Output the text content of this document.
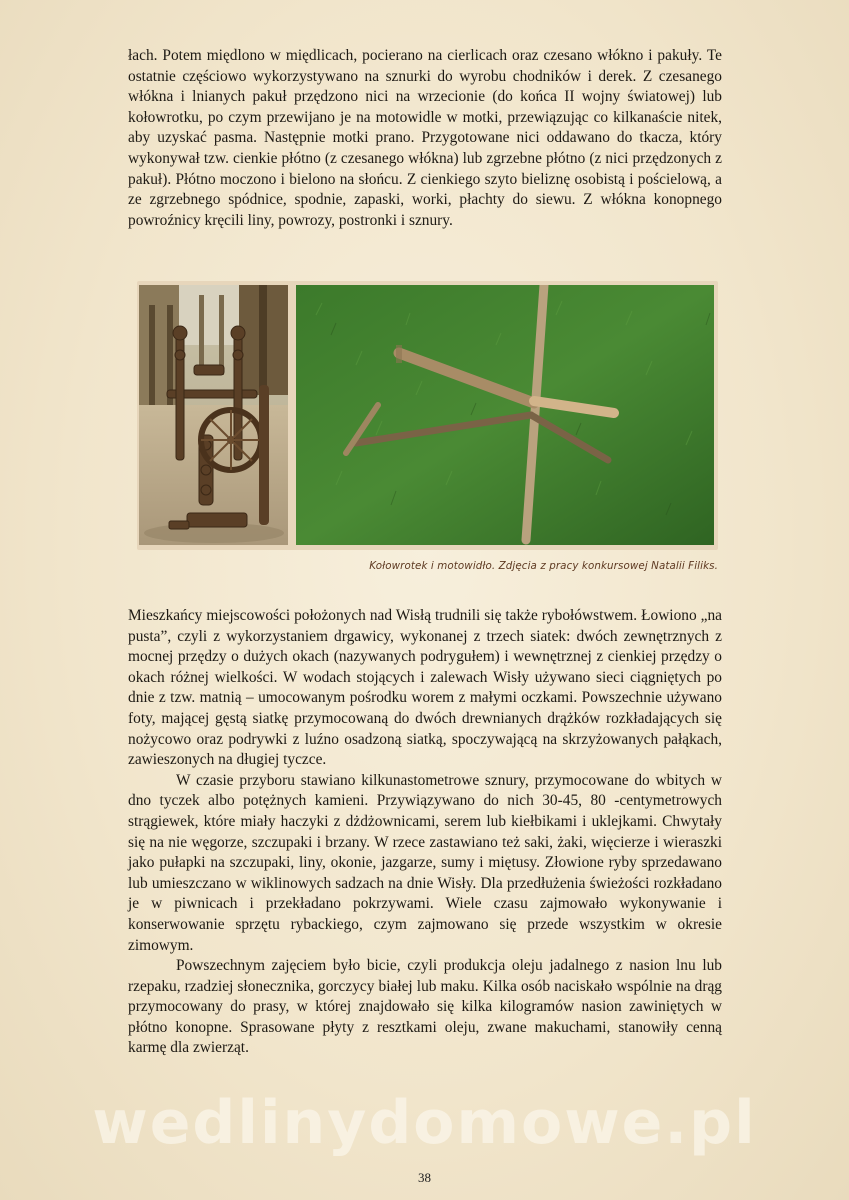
łach. Potem międlono w międlicach, pocierano na cierlicach oraz czesano włókno i pakuły. Te ostatnie częściowo wykorzystywano na sznurki do wyrobu chodników i derek. Z czesanego włókna i lnianych pakuł przędzono nici na wrzecionie (do końca II wojny światowej) lub kołowrotku, po czym przewijano je na motowidle w motki, przewiązując co kilkanaście nitek, aby uzyskać pasma. Następnie motki prano. Przygotowane nici oddawano do tkacza, który wykonywał tzw. cienkie płótno (z czesanego włókna) lub zgrzebne płótno (z nici przędzonych z pakuł). Płótno moczono i bielono na słońcu. Z cienkiego szyto bieliznę osobistą i pościelową, a ze zgrzebnego spódnice, spodnie, zapaski, worki, płachty do siewu. Z włókna konopnego powroźnicy kręcili liny, powrozy, postronki i sznury.

Kołowrotek i motowidło. Zdjęcia z pracy konkursowej Natalii Filiks.

Mieszkańcy miejscowości położonych nad Wisłą trudnili się także rybołówstwem. Łowiono „na pusta”, czyli z wykorzystaniem drgawicy, wykonanej z trzech siatek: dwóch zewnętrznych z mocnej przędzy o dużych okach (nazywanych podrygułem) i wewnętrznej z cienkiej przędzy o okach różnej wielkości. W wodach stojących i zalewach Wisły używano sieci ciągniętych po dnie z tzw. matnią – umocowanym pośrodku worem z małymi oczkami. Powszechnie używano foty, mającej gęstą siatkę przymocowaną do dwóch drewnianych drążków rozkładających się nożycowo oraz podrywki z luźno osadzoną siatką, spoczywającą na skrzyżowanych pałąkach, zawieszonych na długiej tyczce.

W czasie przyboru stawiano kilkunastometrowe sznury, przymocowane do wbitych w dno tyczek albo potężnych kamieni. Przywiązywano do nich 30-45, 80 -centymetrowych strągiewek, które miały haczyki z dżdżownicami, serem lub kiełbikami i uklejkami. Chwytały się na nie węgorze, szczupaki i brzany. W rzece zastawiano też saki, żaki, więcierze i wieraszki jako pułapki na szczupaki, liny, okonie, jazgarze, sumy i miętusy. Złowione ryby sprzedawano lub umieszczano w wiklinowych sadzach na dnie Wisły. Dla przedłużenia świeżości rozkładano je w piwnicach i przekładano pokrzywami. Wiele czasu zajmowało wykonywanie i konserwowanie sprzętu rybackiego, czym zajmowano się przede wszystkim w okresie zimowym.

Powszechnym zajęciem było bicie, czyli produkcja oleju jadalnego z nasion lnu lub rzepaku, rzadziej słonecznika, gorczycy białej lub maku. Kilka osób naciskało wspólnie na drąg przymocowany do prasy, w której znajdowało się kilka kilogramów nasion zawiniętych w płótno konopne. Sprasowane płyty z resztkami oleju, zwane makuchami, stanowiły cenną karmę dla zwierząt.

wedlinydomowe.pl
38
